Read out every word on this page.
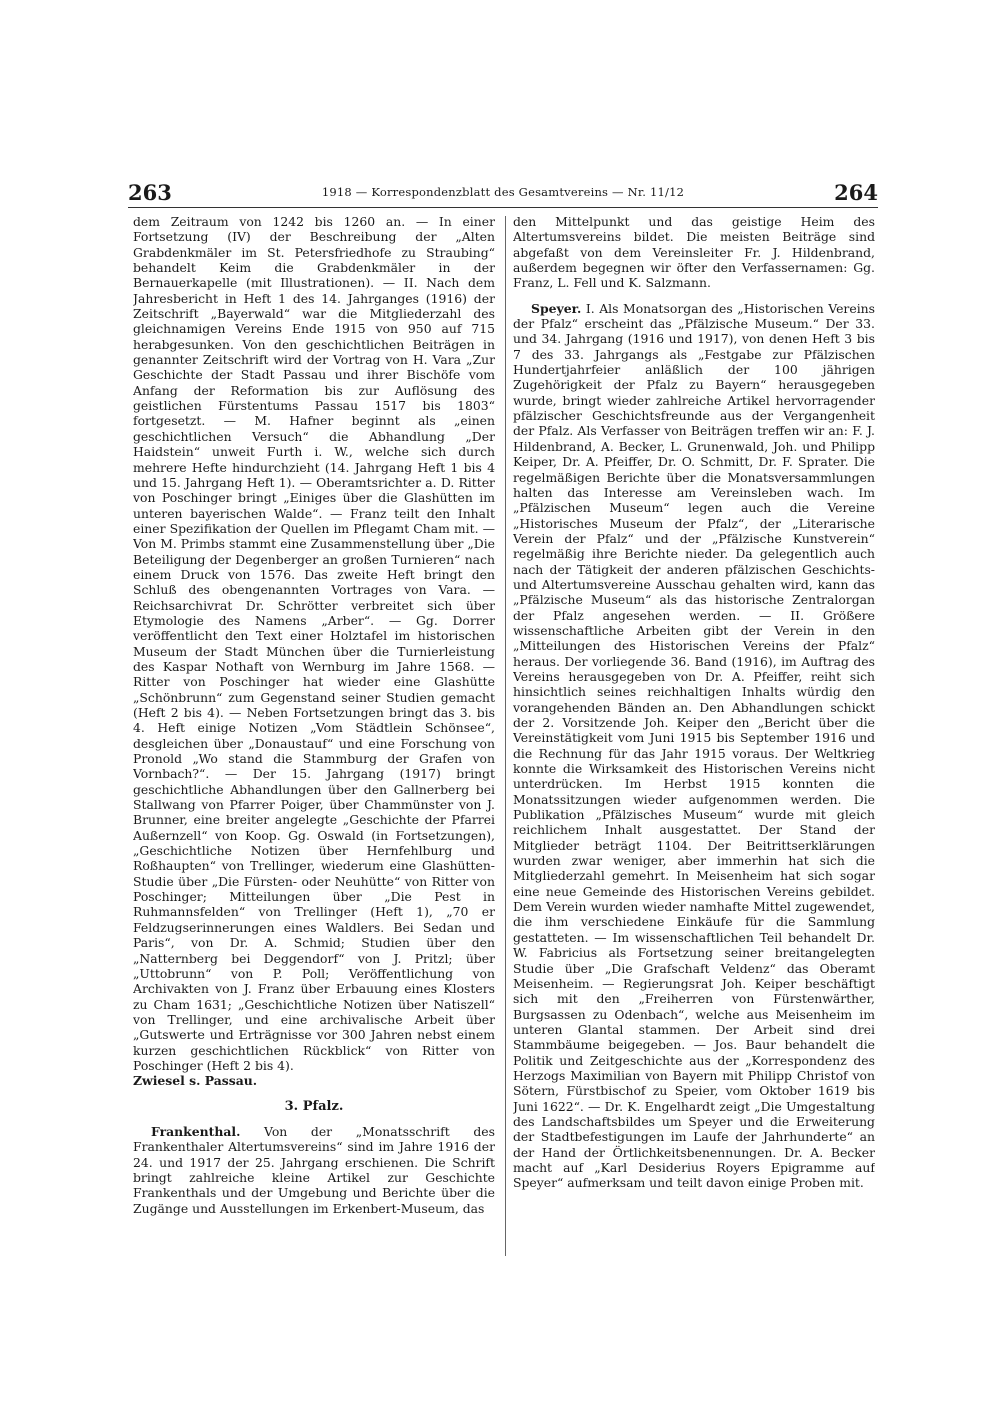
263	1918 — Korrespondenzblatt des Gesamtvereins — Nr. 11/12	264

dem Zeitraum von 1242 bis 1260 an. — In einer Fortsetzung (IV) der Beschreibung der „Alten Grabdenkmäler im St. Petersfriedhofe zu Straubing“ behandelt Keim die Grabdenkmäler in der Bernauerkapelle (mit Illustrationen). — II. Nach dem Jahresbericht in Heft 1 des 14. Jahrganges (1916) der Zeitschrift „Bayerwald“ war die Mitgliederzahl des gleichnamigen Vereins Ende 1915 von 950 auf 715 herabgesunken. Von den geschichtlichen Beiträgen in genannter Zeitschrift wird der Vortrag von H. Vara „Zur Geschichte der Stadt Passau und ihrer Bischöfe vom Anfang der Reformation bis zur Auflösung des geistlichen Fürstentums Passau 1517 bis 1803“ fortgesetzt. — M. Hafner beginnt als „einen geschichtlichen Versuch“ die Abhandlung „Der Haidstein“ unweit Furth i. W., welche sich durch mehrere Hefte hindurchzieht (14. Jahrgang Heft 1 bis 4 und 15. Jahrgang Heft 1). — Oberamtsrichter a. D. Ritter von Poschinger bringt „Einiges über die Glashütten im unteren bayerischen Walde“. — Franz teilt den Inhalt einer Spezifikation der Quellen im Pflegamt Cham mit. — Von M. Primbs stammt eine Zusammenstellung über „Die Beteiligung der Degenberger an großen Turnieren“ nach einem Druck von 1576. Das zweite Heft bringt den Schluß des obengenannten Vortrages von Vara. — Reichsarchivrat Dr. Schrötter verbreitet sich über Etymologie des Namens „Arber“. — Gg. Dorrer veröffentlicht den Text einer Holztafel im historischen Museum der Stadt München über die Turnierleistung des Kaspar Nothaft von Wernburg im Jahre 1568. — Ritter von Poschinger hat wieder eine Glashütte „Schönbrunn“ zum Gegenstand seiner Studien gemacht (Heft 2 bis 4). — Neben Fortsetzungen bringt das 3. bis 4. Heft einige Notizen „Vom Städtlein Schönsee“, desgleichen über „Donaustauf“ und eine Forschung von Pronold „Wo stand die Stammburg der Grafen von Vornbach?“. — Der 15. Jahrgang (1917) bringt geschichtliche Abhandlungen über den Gallnerberg bei Stallwang von Pfarrer Poiger, über Chammünster von J. Brunner, eine breiter angelegte „Geschichte der Pfarrei Außernzell“ von Koop. Gg. Oswald (in Fortsetzungen), „Geschichtliche Notizen über Hernfehlburg und Roßhaupten“ von Trellinger, wiederum eine Glashütten-Studie über „Die Fürsten- oder Neuhütte“ von Ritter von Poschinger; Mitteilungen über „Die Pest in Ruhmannsfelden“ von Trellinger (Heft 1), „70 er Feldzugserinnerungen eines Waldlers. Bei Sedan und Paris“, von Dr. A. Schmid; Studien über den „Natternberg bei Deggendorf“ von J. Pritzl; über „Uttobrunn“ von P. Poll; Veröffentlichung von Archivakten von J. Franz über Erbauung eines Klosters zu Cham 1631; „Geschichtliche Notizen über Natiszell“ von Trellinger, und eine archivalische Arbeit über „Gutswerte und Erträgnisse vor 300 Jahren nebst einem kurzen geschichtlichen Rückblick“ von Ritter von Poschinger (Heft 2 bis 4).

Zwiesel s. Passau.

3. Pfalz.

Frankenthal. Von der „Monatsschrift des Frankenthaler Altertumsvereins“ sind im Jahre 1916 der 24. und 1917 der 25. Jahrgang erschienen. Die Schrift bringt zahlreiche kleine Artikel zur Geschichte Frankenthals und der Umgebung und Berichte über die Zugänge und Ausstellungen im Erkenbert-Museum, das

den Mittelpunkt und das geistige Heim des Altertumsvereins bildet. Die meisten Beiträge sind abgefaßt von dem Vereinsleiter Fr. J. Hildenbrand, außerdem begegnen wir öfter den Verfassernamen: Gg. Franz, L. Fell und K. Salzmann.

Speyer. I. Als Monatsorgan des „Historischen Vereins der Pfalz“ erscheint das „Pfälzische Museum.“ Der 33. und 34. Jahrgang (1916 und 1917), von denen Heft 3 bis 7 des 33. Jahrgangs als „Festgabe zur Pfälzischen Hundertjahrfeier anläßlich der 100 jährigen Zugehörigkeit der Pfalz zu Bayern“ herausgegeben wurde, bringt wieder zahlreiche Artikel hervorragender pfälzischer Geschichtsfreunde aus der Vergangenheit der Pfalz. Als Verfasser von Beiträgen treffen wir an: F. J. Hildenbrand, A. Becker, L. Grunenwald, Joh. und Philipp Keiper, Dr. A. Pfeiffer, Dr. O. Schmitt, Dr. F. Sprater. Die regelmäßigen Berichte über die Monatsversammlungen halten das Interesse am Vereinsleben wach. Im „Pfälzischen Museum“ legen auch die Vereine „Historisches Museum der Pfalz“, der „Literarische Verein der Pfalz“ und der „Pfälzische Kunstverein“ regelmäßig ihre Berichte nieder. Da gelegentlich auch nach der Tätigkeit der anderen pfälzischen Geschichts- und Altertumsvereine Ausschau gehalten wird, kann das „Pfälzische Museum“ als das historische Zentralorgan der Pfalz angesehen werden. — II. Größere wissenschaftliche Arbeiten gibt der Verein in den „Mitteilungen des Historischen Vereins der Pfalz“ heraus. Der vorliegende 36. Band (1916), im Auftrag des Vereins herausgegeben von Dr. A. Pfeiffer, reiht sich hinsichtlich seines reichhaltigen Inhalts würdig den vorangehenden Bänden an. Den Abhandlungen schickt der 2. Vorsitzende Joh. Keiper den „Bericht über die Vereinstätigkeit vom Juni 1915 bis September 1916 und die Rechnung für das Jahr 1915 voraus. Der Weltkrieg konnte die Wirksamkeit des Historischen Vereins nicht unterdrücken. Im Herbst 1915 konnten die Monatssitzungen wieder aufgenommen werden. Die Publikation „Pfälzisches Museum“ wurde mit gleich reichlichem Inhalt ausgestattet. Der Stand der Mitglieder beträgt 1104. Der Beitrittserklärungen wurden zwar weniger, aber immerhin hat sich die Mitgliederzahl gemehrt. In Meisenheim hat sich sogar eine neue Gemeinde des Historischen Vereins gebildet. Dem Verein wurden wieder namhafte Mittel zugewendet, die ihm verschiedene Einkäufe für die Sammlung gestatteten. — Im wissenschaftlichen Teil behandelt Dr. W. Fabricius als Fortsetzung seiner breitangelegten Studie über „Die Grafschaft Veldenz“ das Oberamt Meisenheim. — Regierungsrat Joh. Keiper beschäftigt sich mit den „Freiherren von Fürstenwärther, Burgsassen zu Odenbach“, welche aus Meisenheim im unteren Glantal stammen. Der Arbeit sind drei Stammbäume beigegeben. — Jos. Baur behandelt die Politik und Zeitgeschichte aus der „Korrespondenz des Herzogs Maximilian von Bayern mit Philipp Christof von Sötern, Fürstbischof zu Speier, vom Oktober 1619 bis Juni 1622“. — Dr. K. Engelhardt zeigt „Die Umgestaltung des Landschaftsbildes um Speyer und die Erweiterung der Stadtbefestigungen im Laufe der Jahrhunderte“ an der Hand der Örtlichkeitsbenennungen. Dr. A. Becker macht auf „Karl Desiderius Royers Epigramme auf Speyer“ aufmerksam und teilt davon einige Proben mit.
